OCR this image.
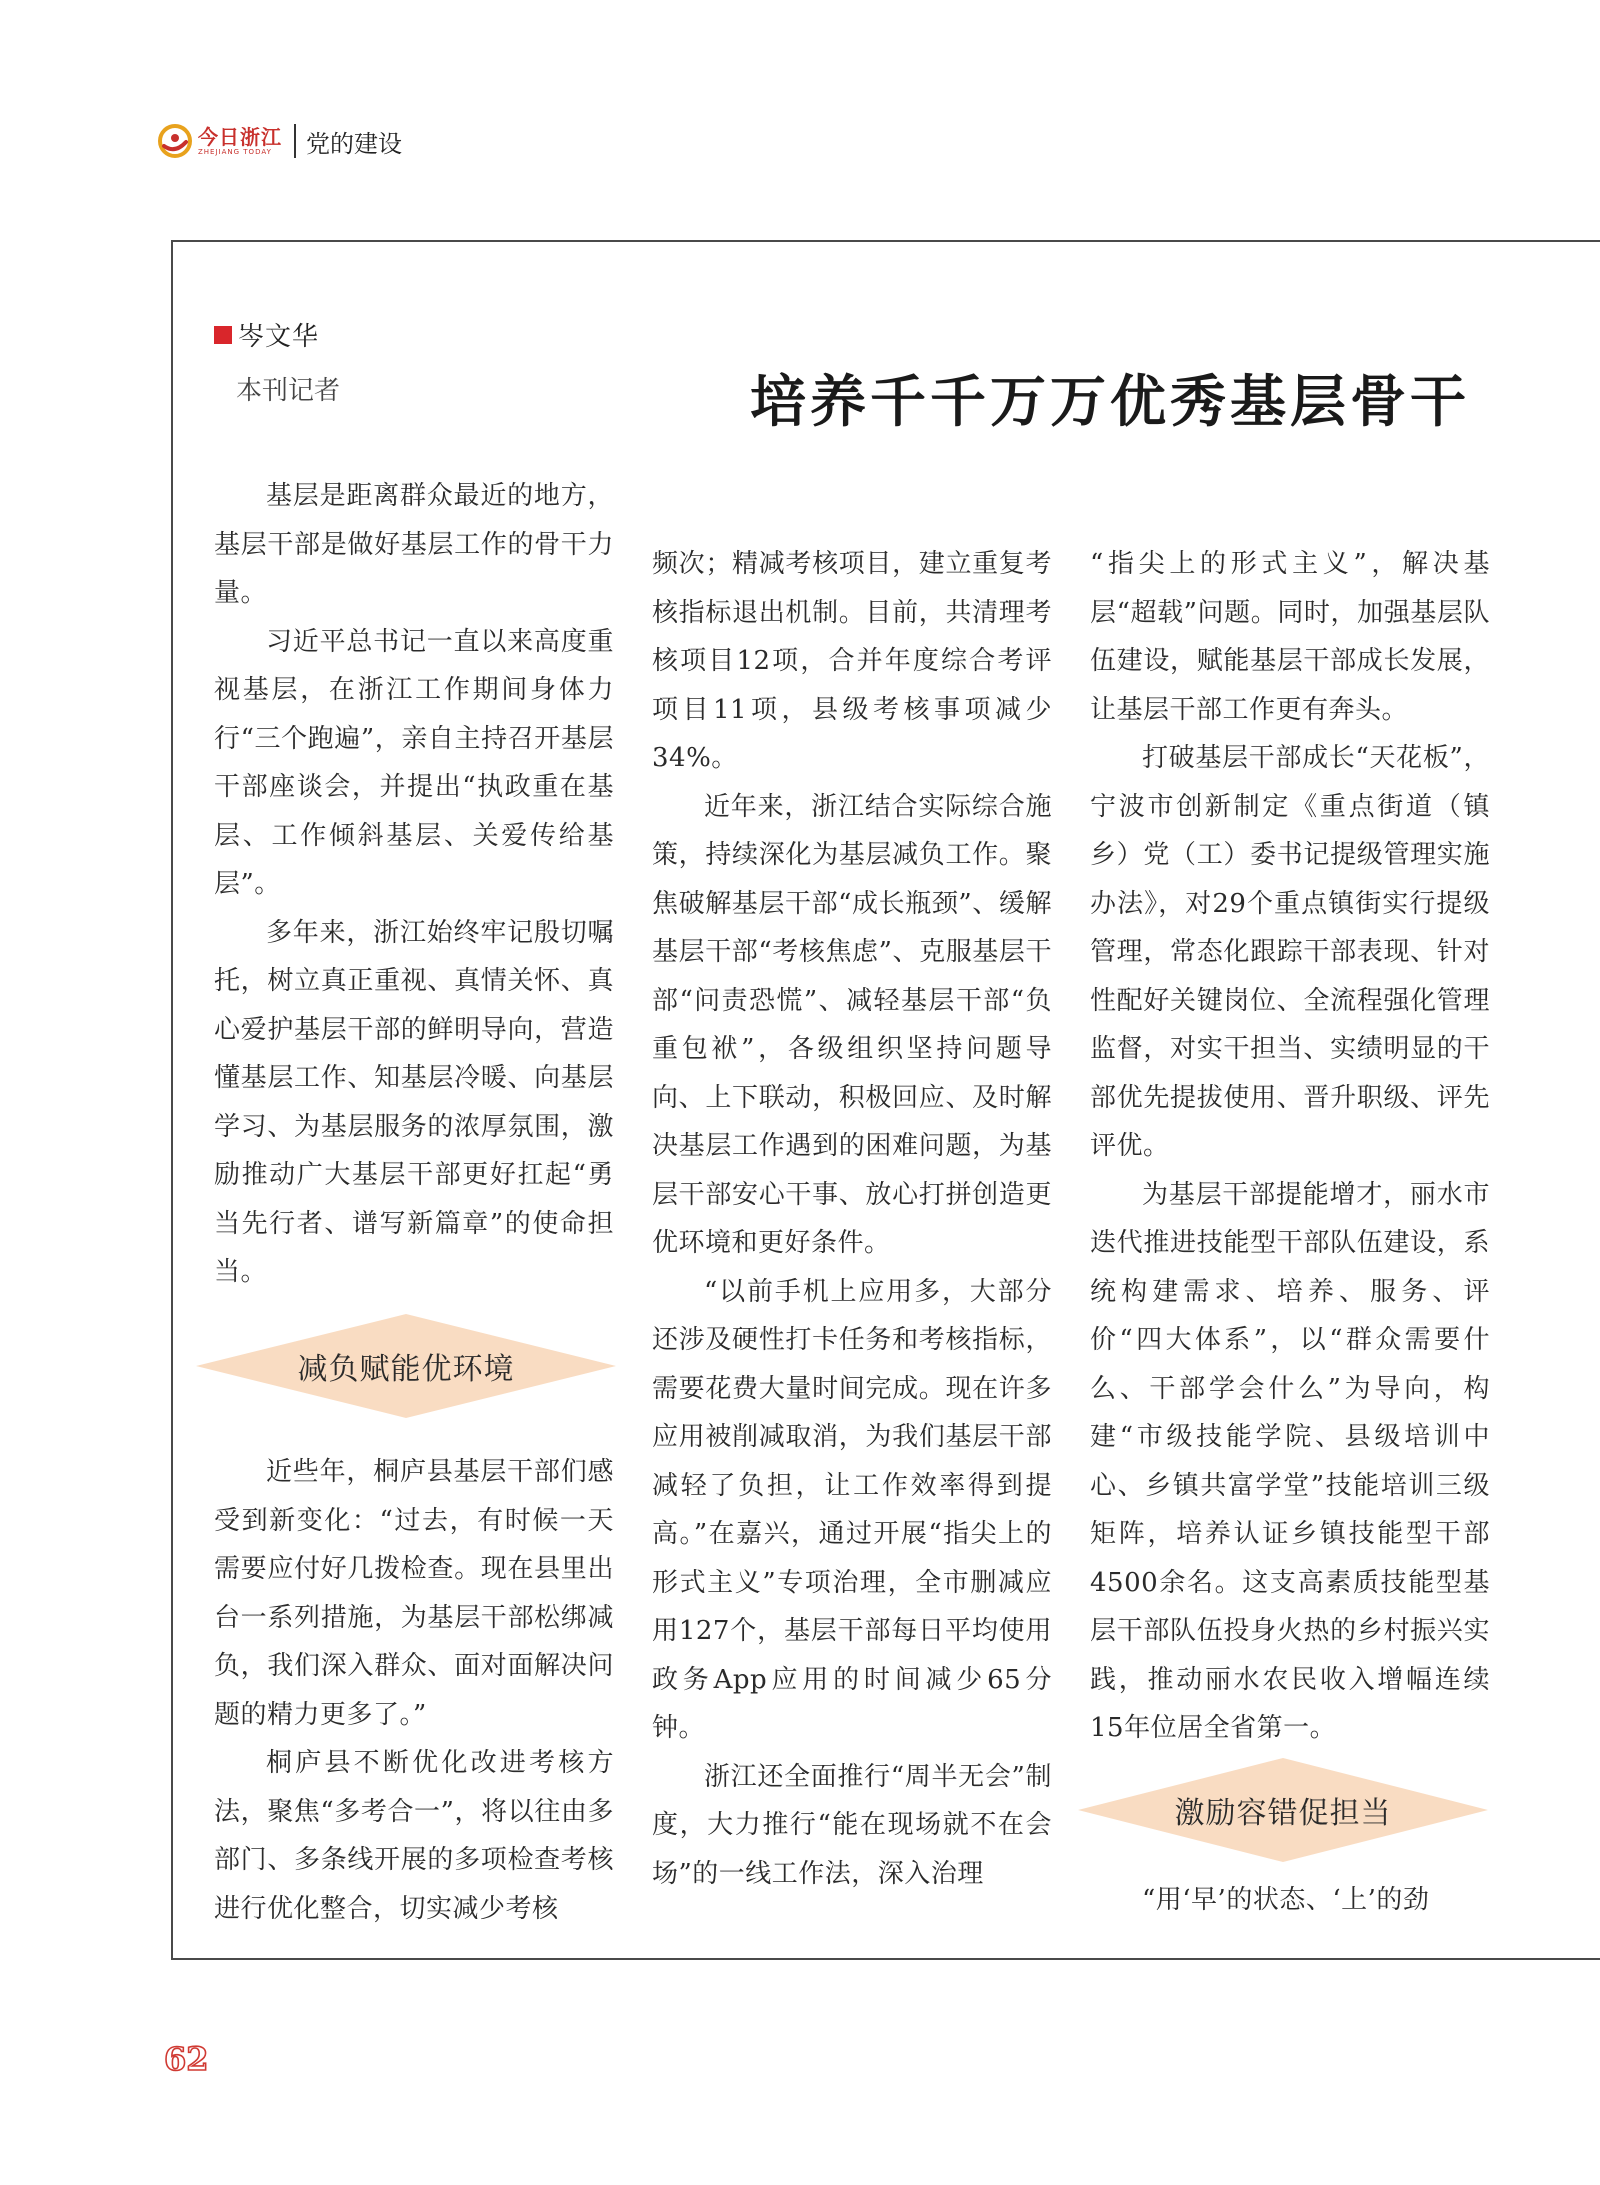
今日浙江
ZHEJIANG TODAY	党的建设
岑文华
本刊记者	培养千千万万优秀基层骨干

基层是距离群众最近的地方，基层干部是做好基层工作的骨干力量。

习近平总书记一直以来高度重视基层，在浙江工作期间身体力行“三个跑遍”，亲自主持召开基层干部座谈会，并提出“执政重在基层、工作倾斜基层、关爱传给基层”。

多年来，浙江始终牢记殷切嘱托，树立真正重视、真情关怀、真心爱护基层干部的鲜明导向，营造懂基层工作、知基层冷暖、向基层学习、为基层服务的浓厚氛围，激励推动广大基层干部更好扛起“勇当先行者、谱写新篇章”的使命担当。

减负赋能优环境

近些年，桐庐县基层干部们感受到新变化：“过去，有时候一天需要应付好几拨检查。现在县里出台一系列措施，为基层干部松绑减负，我们深入群众、面对面解决问题的精力更多了。”

桐庐县不断优化改进考核方法，聚焦“多考合一”，将以往由多部门、多条线开展的多项检查考核进行优化整合，切实减少考核

频次；精减考核项目，建立重复考核指标退出机制。目前，共清理考核项目12项，合并年度综合考评项目11项，县级考核事项减少34%。

近年来，浙江结合实际综合施策，持续深化为基层减负工作。聚焦破解基层干部“成长瓶颈”、缓解基层干部“考核焦虑”、克服基层干部“问责恐慌”、减轻基层干部“负重包袱”，各级组织坚持问题导向、上下联动，积极回应、及时解决基层工作遇到的困难问题，为基层干部安心干事、放心打拼创造更优环境和更好条件。

“以前手机上应用多，大部分还涉及硬性打卡任务和考核指标，需要花费大量时间完成。现在许多应用被削减取消，为我们基层干部减轻了负担，让工作效率得到提高。”在嘉兴，通过开展“指尖上的形式主义”专项治理，全市删减应用127个，基层干部每日平均使用政务App应用的时间减少65分钟。

浙江还全面推行“周半无会”制度，大力推行“能在现场就不在会场”的一线工作法，深入治理

“指尖上的形式主义”，解决基层“超载”问题。同时，加强基层队伍建设，赋能基层干部成长发展，让基层干部工作更有奔头。

打破基层干部成长“天花板”，宁波市创新制定《重点街道（镇乡）党（工）委书记提级管理实施办法》，对29个重点镇街实行提级管理，常态化跟踪干部表现、针对性配好关键岗位、全流程强化管理监督，对实干担当、实绩明显的干部优先提拔使用、晋升职级、评先评优。

为基层干部提能增才，丽水市迭代推进技能型干部队伍建设，系统构建需求、培养、服务、评价“四大体系”，以“群众需要什么、干部学会什么”为导向，构建“市级技能学院、县级培训中心、乡镇共富学堂”技能培训三级矩阵，培养认证乡镇技能型干部4500余名。这支高素质技能型基层干部队伍投身火热的乡村振兴实践，推动丽水农民收入增幅连续15年位居全省第一。

激励容错促担当

“用‘早’的状态、‘上’的劲

62
